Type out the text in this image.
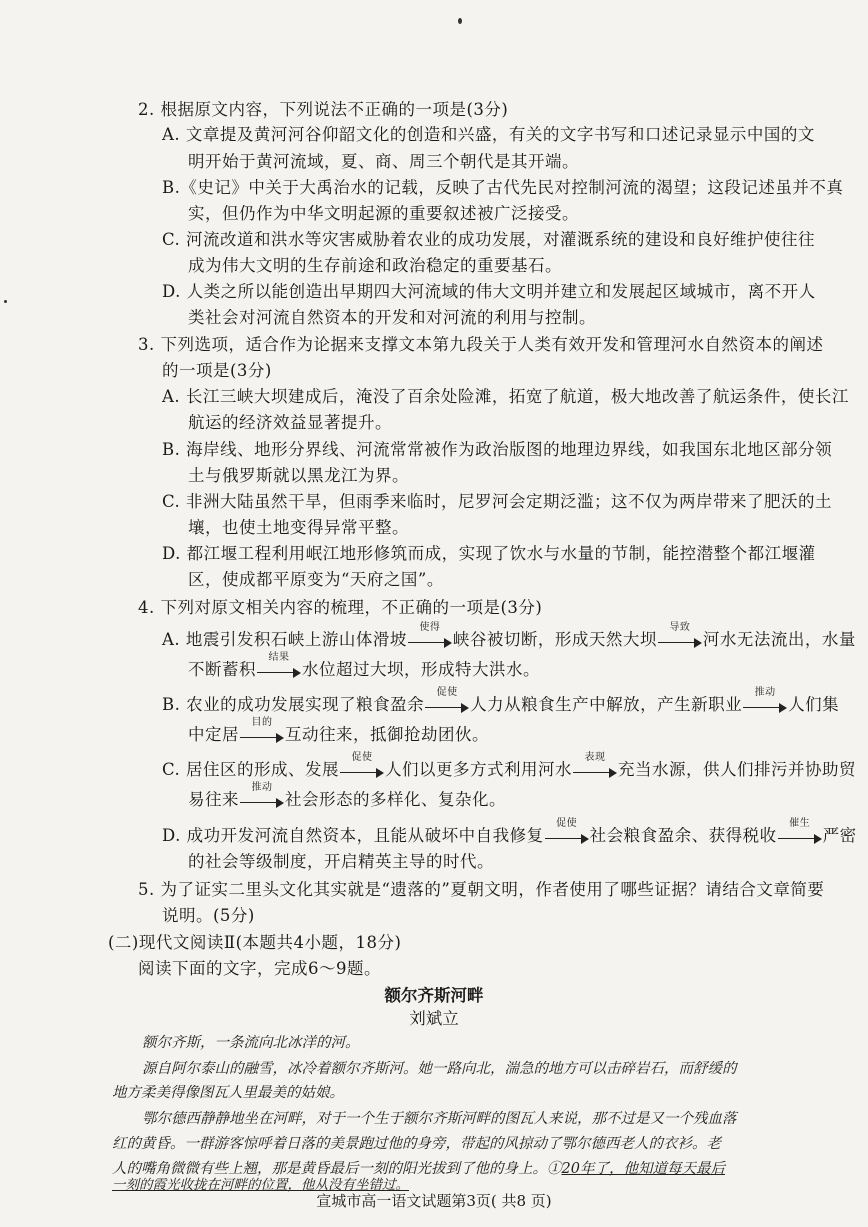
2. 根据原文内容，下列说法不正确的一项是(3分)
A. 文章提及黄河河谷仰韶文化的创造和兴盛，有关的文字书写和口述记录显示中国的文
明开始于黄河流域，夏、商、周三个朝代是其开端。
B.《史记》中关于大禹治水的记载，反映了古代先民对控制河流的渴望；这段记述虽并不真
实，但仍作为中华文明起源的重要叙述被广泛接受。
C. 河流改道和洪水等灾害威胁着农业的成功发展，对灌溉系统的建设和良好维护使往往
成为伟大文明的生存前途和政治稳定的重要基石。
D. 人类之所以能创造出早期四大河流域的伟大文明并建立和发展起区域城市，离不开人
类社会对河流自然资本的开发和对河流的利用与控制。
3. 下列选项，适合作为论据来支撑文本第九段关于人类有效开发和管理河水自然资本的阐述
的一项是(3分)
A. 长江三峡大坝建成后，淹没了百余处险滩，拓宽了航道，极大地改善了航运条件，使长江
航运的经济效益显著提升。
B. 海岸线、地形分界线、河流常常被作为政治版图的地理边界线，如我国东北地区部分领
土与俄罗斯就以黑龙江为界。
C. 非洲大陆虽然干旱，但雨季来临时，尼罗河会定期泛滥；这不仅为两岸带来了肥沃的土
壤，也使土地变得异常平整。
D. 都江堰工程利用岷江地形修筑而成，实现了饮水与水量的节制，能控潜整个都江堰灌
区，使成都平原变为“天府之国”。
4. 下列对原文相关内容的梳理，不正确的一项是(3分)
A. 地震引发积石峡上游山体滑坡
使得
峡谷被切断，形成天然大坝
导致
河水无法流出，水量
不断蓄积
结果
水位超过大坝，形成特大洪水。
B. 农业的成功发展实现了粮食盈余
促使
人力从粮食生产中解放，产生新职业
推动
人们集
中定居
目的
互动往来，抵御抢劫团伙。
C. 居住区的形成、发展
促使
人们以更多方式利用河水
表现
充当水源，供人们排污并协助贸
易往来
推动
社会形态的多样化、复杂化。
D. 成功开发河流自然资本，且能从破坏中自我修复
促使
社会粮食盈余、获得税收
催生
严密
的社会等级制度，开启精英主导的时代。
5. 为了证实二里头文化其实就是“遗落的”夏朝文明，作者使用了哪些证据？请结合文章简要
说明。(5分)
(二)现代文阅读Ⅱ(本题共4小题，18分)
阅读下面的文字，完成6～9题。
额尔齐斯河畔
刘斌立
额尔齐斯，一条流向北冰洋的河。
源自阿尔泰山的融雪，冰冷着额尔齐斯河。她一路向北，湍急的地方可以击碎岩石，而舒缓的
地方柔美得像图瓦人里最美的姑娘。
鄂尔德西静静地坐在河畔，对于一个生于额尔齐斯河畔的图瓦人来说，那不过是又一个残血落
宣城市高一语文试题第3页( 共8 页)
红的黄昏。一群游客惊呼着日落的美景跑过他的身旁，带起的风掠动了鄂尔德西老人的衣衫。老
人的嘴角微微有些上翘，那是黄昏最后一刻的阳光拔到了他的身上。①20年了，他知道每天最后
一刻的霞光收拢在河畔的位置，他从没有坐错过。
